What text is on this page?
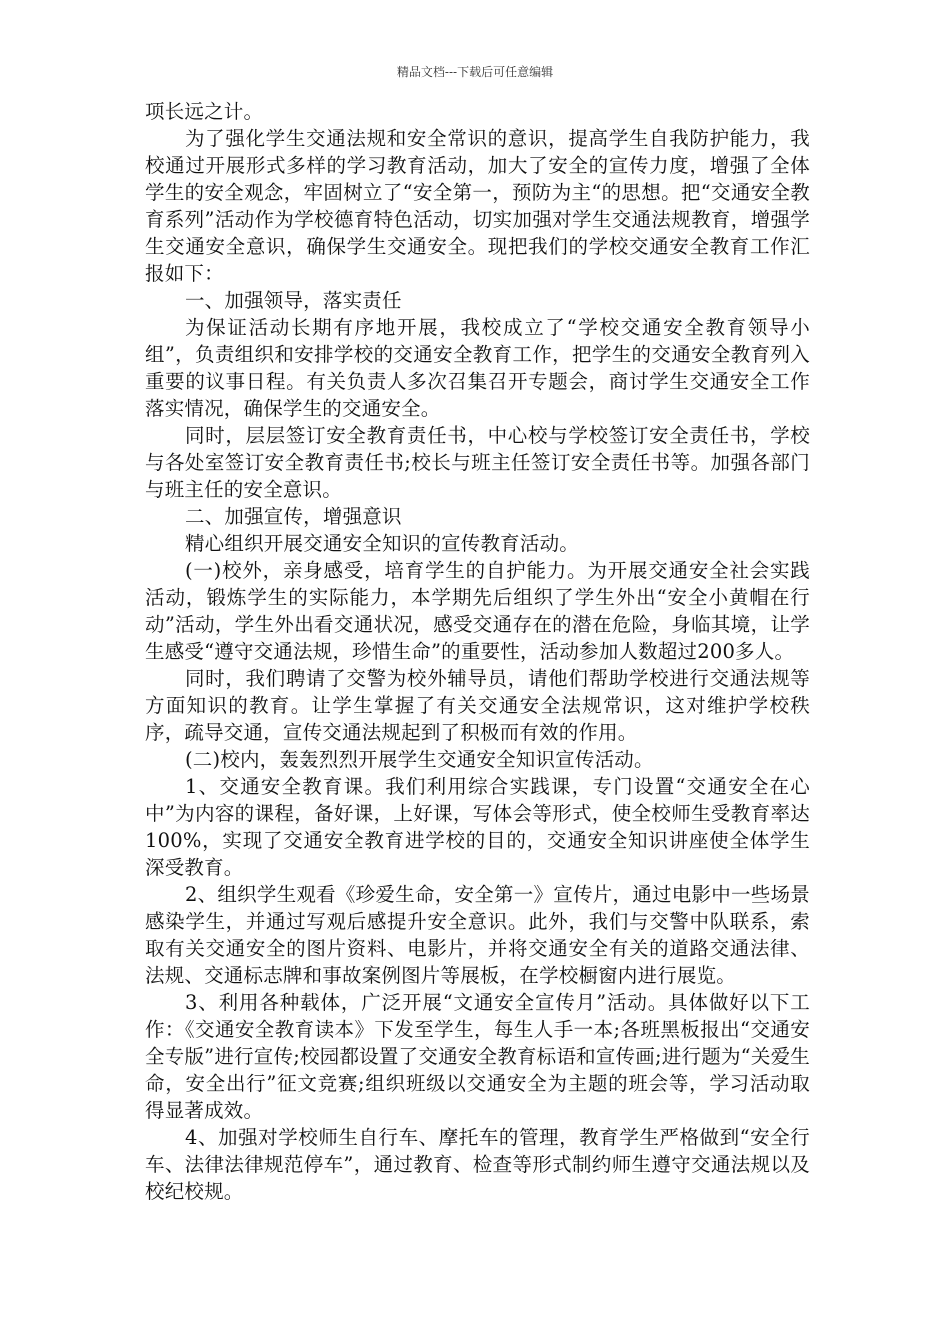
精品文档---下载后可任意编辑

项长远之计。

为了强化学生交通法规和安全常识的意识，提高学生自我防护能力，我校通过开展形式多样的学习教育活动，加大了安全的宣传力度，增强了全体学生的安全观念，牢固树立了“安全第一，预防为主“的思想。把“交通安全教育系列”活动作为学校德育特色活动，切实加强对学生交通法规教育，增强学生交通安全意识，确保学生交通安全。现把我们的学校交通安全教育工作汇报如下：

一、加强领导，落实责任

为保证活动长期有序地开展，我校成立了“学校交通安全教育领导小组”，负责组织和安排学校的交通安全教育工作，把学生的交通安全教育列入重要的议事日程。有关负责人多次召集召开专题会，商讨学生交通安全工作落实情况，确保学生的交通安全。

同时，层层签订安全教育责任书，中心校与学校签订安全责任书，学校与各处室签订安全教育责任书;校长与班主任签订安全责任书等。加强各部门与班主任的安全意识。

二、加强宣传，增强意识

精心组织开展交通安全知识的宣传教育活动。

(一)校外，亲身感受，培育学生的自护能力。为开展交通安全社会实践活动，锻炼学生的实际能力，本学期先后组织了学生外出“安全小黄帽在行动”活动，学生外出看交通状况，感受交通存在的潜在危险，身临其境，让学生感受“遵守交通法规，珍惜生命”的重要性，活动参加人数超过200多人。

同时，我们聘请了交警为校外辅导员，请他们帮助学校进行交通法规等方面知识的教育。让学生掌握了有关交通安全法规常识，这对维护学校秩序，疏导交通，宣传交通法规起到了积极而有效的作用。

(二)校内，轰轰烈烈开展学生交通安全知识宣传活动。

1、交通安全教育课。我们利用综合实践课，专门设置“交通安全在心中”为内容的课程，备好课，上好课，写体会等形式，使全校师生受教育率达100%，实现了交通安全教育进学校的目的，交通安全知识讲座使全体学生深受教育。

2、组织学生观看《珍爱生命，安全第一》宣传片，通过电影中一些场景感染学生，并通过写观后感提升安全意识。此外，我们与交警中队联系，索取有关交通安全的图片资料、电影片，并将交通安全有关的道路交通法律、法规、交通标志牌和事故案例图片等展板，在学校橱窗内进行展览。

3、利用各种载体，广泛开展“文通安全宣传月”活动。具体做好以下工作：《交通安全教育读本》下发至学生，每生人手一本;各班黑板报出“交通安全专版”进行宣传;校园都设置了交通安全教育标语和宣传画;进行题为“关爱生命，安全出行”征文竞赛;组织班级以交通安全为主题的班会等，学习活动取得显著成效。

4、加强对学校师生自行车、摩托车的管理，教育学生严格做到“安全行车、法律法律规范停车”，通过教育、检查等形式制约师生遵守交通法规以及校纪校规。
